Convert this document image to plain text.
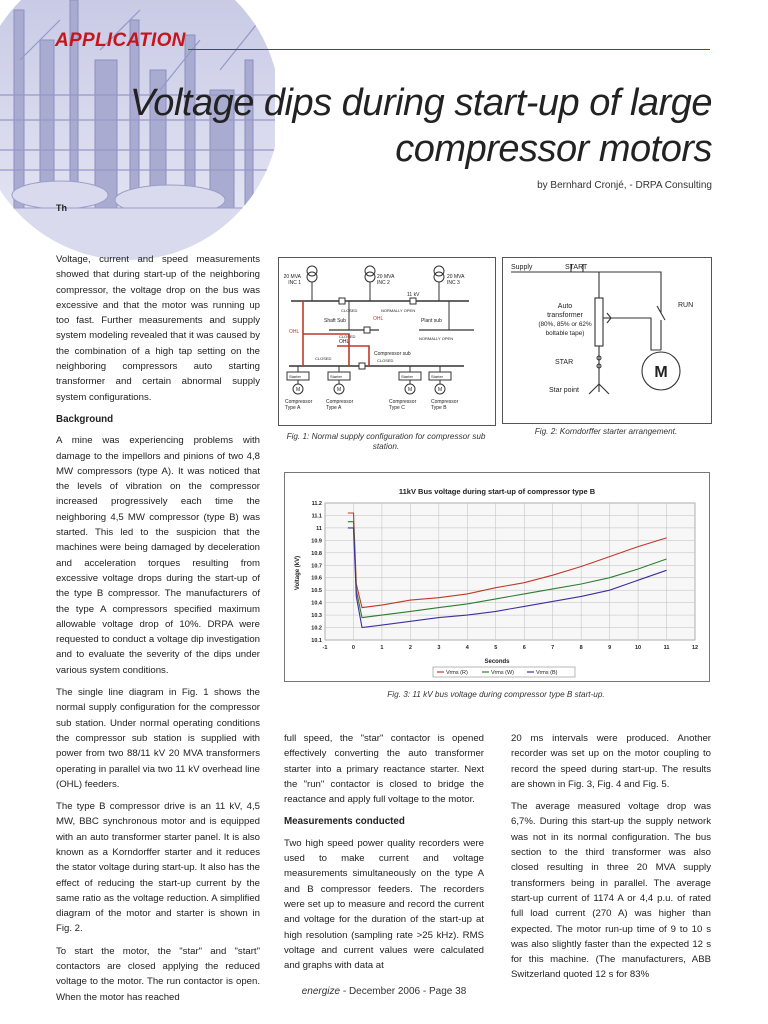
APPLICATION
Voltage dips during start-up of large
compressor motors
by Bernhard Cronjé, - DRPA Consulting
Th

Voltage, current and speed measurements showed that during start-up of the neighboring compressor, the voltage drop on the bus was excessive and that the motor was running up too fast. Further measurements and supply system modeling revealed that it was caused by the combination of a high tap setting on the neighboring compressors auto starting transformer and certain abnormal supply system configurations.

Background

A mine was experiencing problems with damage to the impellors and pinions of two 4,8 MW compressors (type A). It was noticed that the levels of vibration on the compressor increased progressively each time the neighboring 4,5 MW compressor (type B) was started. This led to the suspicion that the machines were being damaged by deceleration and acceleration torques resulting from excessive voltage drops during the start-up of the type B compressor. The manufacturers of the type A compressors specified maximum allowable voltage drop of 10%. DRPA were requested to conduct a voltage dip investigation and to evaluate the severity of the dips under various system conditions.

The single line diagram in Fig. 1 shows the normal supply configuration for the compressor sub station. Under normal operating conditions the compressor sub station is supplied with power from two 88/11 kV 20 MVA transformers operating in parallel via two 11 kV overhead line (OHL) feeders.

The type B compressor drive is an 11 kV, 4,5 MW, BBC synchronous motor and is equipped with an auto transformer starter panel. It is also known as a Korndorffer starter and it reduces the stator voltage during start-up. It also has the effect of reducing the start-up current by the same ratio as the voltage reduction. A simplified diagram of the motor and starter is shown in Fig. 2.

To start the motor, the "star" and "start" contactors are closed applying the reduced voltage to the motor. The run contactor is open. When the motor has reached

full speed, the "star" contactor is opened effectively converting the auto transformer starter into a primary reactance starter. Next the "run" contactor is closed to bridge the reactance and apply full voltage to the motor.

Measurements conducted

Two high speed power quality recorders were used to make current and voltage measurements simultaneously on the type A and B compressor feeders. The recorders were set up to measure and record the current and voltage for the duration of the start-up at high resolution (sampling rate >25 kHz). RMS voltage and current values were calculated and graphs with data at

20 ms intervals were produced. Another recorder was set up on the motor coupling to record the speed during start-up. The results are shown in Fig. 3, Fig. 4 and Fig. 5.

The average measured voltage drop was 6,7%. During this start-up the supply network was not in its normal configuration. The bus section to the third transformer was also closed resulting in three 20 MVA supply transformers being in parallel. The average start-up current of 1174 A or 4,4 p.u. of rated full load current (270 A) was higher than expected. The motor run-up time of 9 to 10 s was also slightly faster than the expected 12 s for this machine. (The manufacturers, ABB Switzerland quoted 12 s for 83%

20 MVA
INC 1
20 MVA
INC 2
20 MVA
INC 3
11 kV
CLOSED	NORMALLY OPEN
Shaft Sub	Plant sub
OHL
OHL
OHL
CLOSED	NORMALLY OPEN
CLOSED	CLOSED
Compressor sub
Starter	Starter	Starter	Starter
M	M	M	M
Compressor
Type A
Compressor
Type A
Compressor
Type C
Compressor
Type B
Fig. 1: Normal supply configuration for compressor sub station.
Supply	START
RUN
Auto
transformer
(80%, 85% or 62%
boltable tape)
STAR
Star point
M
Fig. 2: Korndorffer starter arrangement.
11kV Bus voltage during start-up of compressor type B
Seconds
Voltage (kV)
10.1
10.2
10.3
10.4
10.5
10.6
10.7
10.8
10.9
11
11.1
11.2
-1	0	1	2	3	4	5	6	7	8	9	10	11	12
Vrms (R)	Vrms (W)	Vrms (B)
Fig. 3: 11 kV bus voltage during compressor type B start-up.
energize - December 2006 - Page 38
